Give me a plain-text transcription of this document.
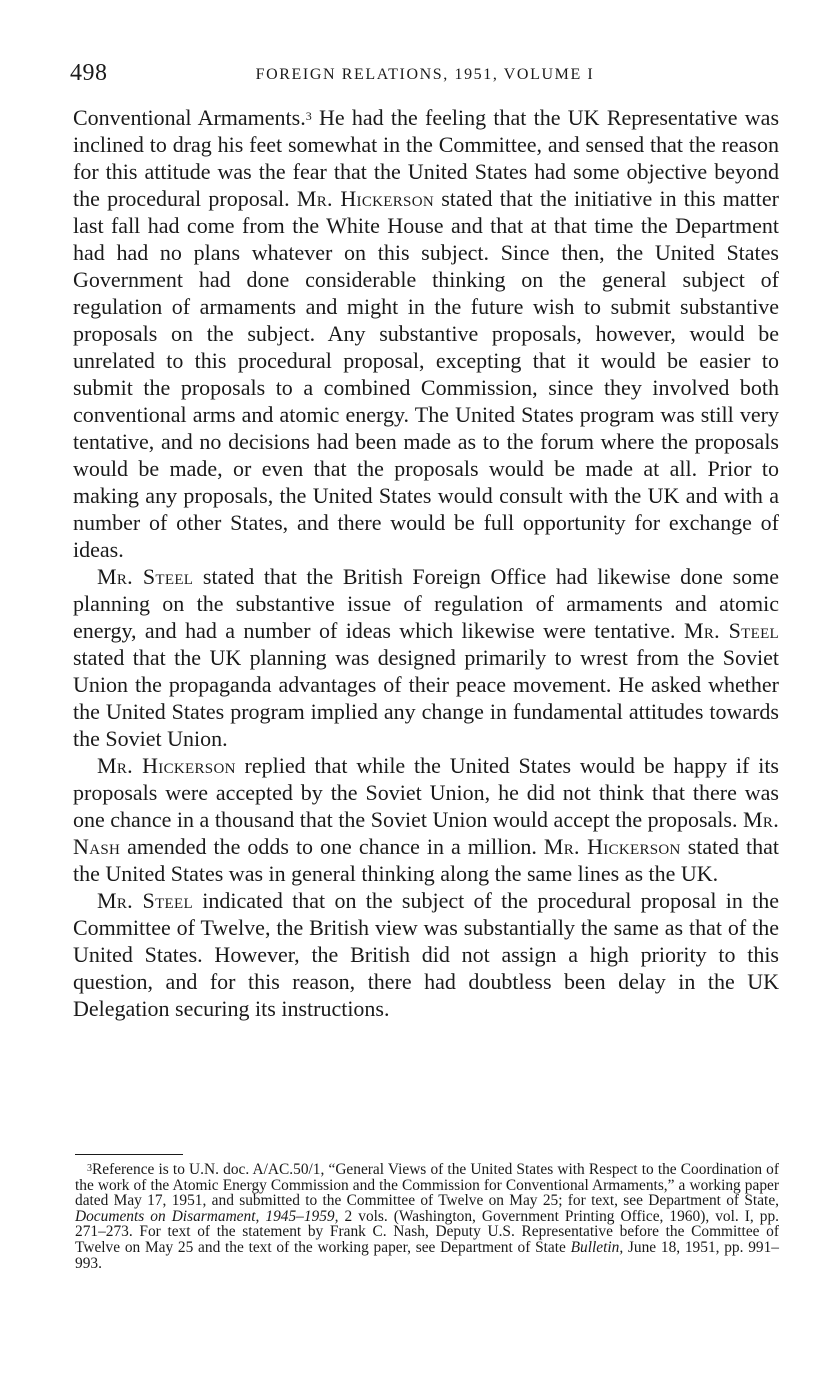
498	FOREIGN RELATIONS, 1951, VOLUME I

Conventional Armaments.$^3$ He had the feeling that the UK Representative was inclined to drag his feet somewhat in the Committee, and sensed that the reason for this attitude was the fear that the United States had some objective beyond the procedural proposal. Mr. Hickerson stated that the initiative in this matter last fall had come from the White House and that at that time the Department had had no plans whatever on this subject. Since then, the United States Government had done considerable thinking on the general subject of regulation of armaments and might in the future wish to submit substantive proposals on the subject. Any substantive proposals, however, would be unrelated to this procedural proposal, excepting that it would be easier to submit the proposals to a combined Commission, since they involved both conventional arms and atomic energy. The United States program was still very tentative, and no decisions had been made as to the forum where the proposals would be made, or even that the proposals would be made at all. Prior to making any proposals, the United States would consult with the UK and with a number of other States, and there would be full opportunity for exchange of ideas.

Mr. Steel stated that the British Foreign Office had likewise done some planning on the substantive issue of regulation of armaments and atomic energy, and had a number of ideas which likewise were tentative. Mr. Steel stated that the UK planning was designed primarily to wrest from the Soviet Union the propaganda advantages of their peace movement. He asked whether the United States program implied any change in fundamental attitudes towards the Soviet Union.

Mr. Hickerson replied that while the United States would be happy if its proposals were accepted by the Soviet Union, he did not think that there was one chance in a thousand that the Soviet Union would accept the proposals. Mr. Nash amended the odds to one chance in a million. Mr. Hickerson stated that the United States was in general thinking along the same lines as the UK.

Mr. Steel indicated that on the subject of the procedural proposal in the Committee of Twelve, the British view was substantially the same as that of the United States. However, the British did not assign a high priority to this question, and for this reason, there had doubtless been delay in the UK Delegation securing its instructions.

$^3$Reference is to U.N. doc. A/AC.50/1, “General Views of the United States with Respect to the Coordination of the work of the Atomic Energy Commission and the Commission for Conventional Armaments,” a working paper dated May 17, 1951, and submitted to the Committee of Twelve on May 25; for text, see Department of State, Documents on Disarmament, 1945–1959, 2 vols. (Washington, Government Printing Office, 1960), vol. I, pp. 271–273. For text of the statement by Frank C. Nash, Deputy U.S. Representative before the Committee of Twelve on May 25 and the text of the working paper, see Department of State Bulletin, June 18, 1951, pp. 991–993.
